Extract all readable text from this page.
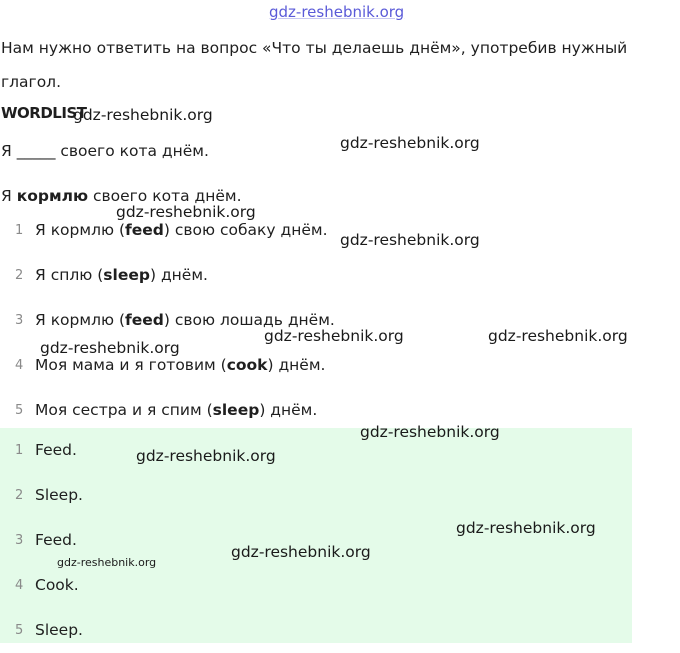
gdz-reshebnik.org

Нам нужно ответить на вопрос «Что ты делаешь днём», употребив нужный глагол.

WORDLIST
Я _____ своего кота днём.
Я кормлю своего кота днём.
1 Я кормлю (feed) свою собаку днём.
2 Я сплю (sleep) днём.
3 Я кормлю (feed) свою лошадь днём.
4 Моя мама и я готовим (cook) днём.
5 Моя сестра и я спим (sleep) днём.
1 Feed.
2 Sleep.
3 Feed.
4 Cook.
5 Sleep.
gdz-reshebnik.org
gdz-reshebnik.org
gdz-reshebnik.org
gdz-reshebnik.org
gdz-reshebnik.org	gdz-reshebnik.org
gdz-reshebnik.org
gdz-reshebnik.org
gdz-reshebnik.org
gdz-reshebnik.org
gdz-reshebnik.org
gdz-reshebnik.org
